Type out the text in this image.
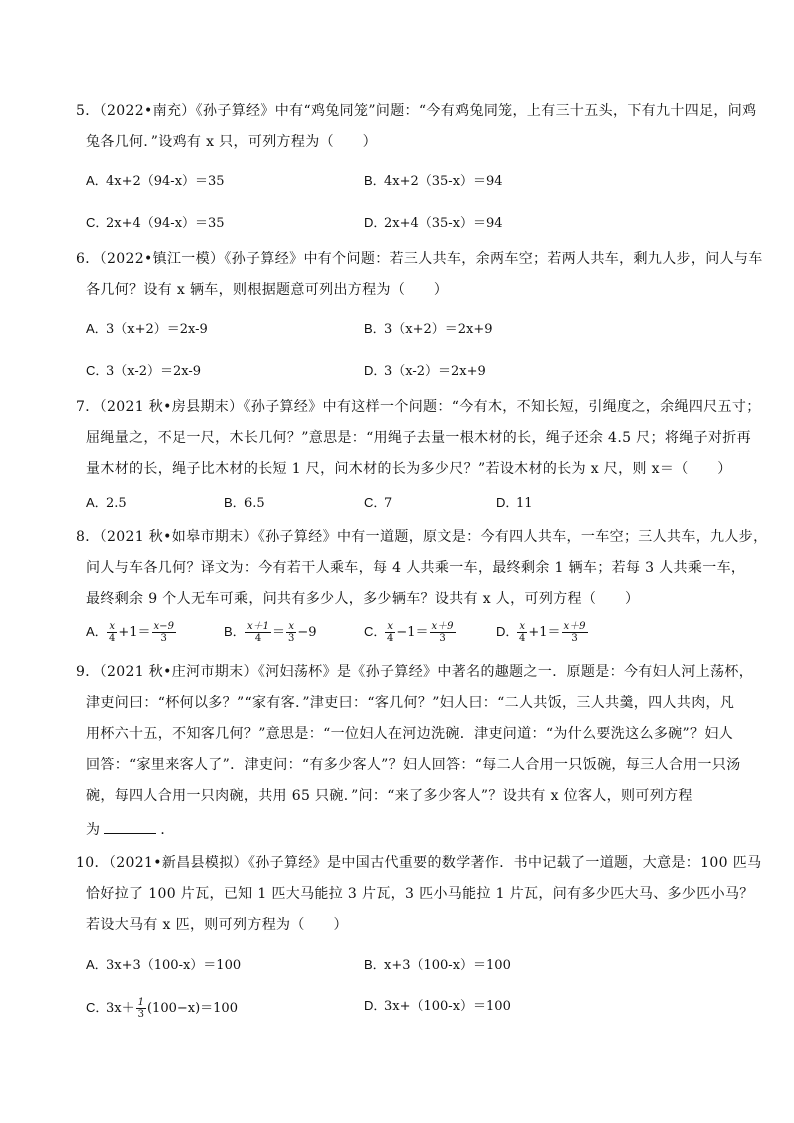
5．（2022•南充）《孙子算经》中有“鸡兔同笼”问题：“今有鸡兔同笼，上有三十五头，下有九十四足，问鸡
兔各几何．”设鸡有 x 只，可列方程为（　　）
A．4x+2（94-x）＝35	B．4x+2（35-x）＝94
C．2x+4（94-x）＝35	D．2x+4（35-x）＝94
6．（2022•镇江一模）《孙子算经》中有个问题：若三人共车，余两车空；若两人共车，剩九人步，问人与车
各几何？设有 x 辆车，则根据题意可列出方程为（　　）
A．3（x+2）＝2x-9	B．3（x+2）＝2x+9
C．3（x-2）＝2x-9	D．3（x-2）＝2x+9
7．（2021 秋•房县期末）《孙子算经》中有这样一个问题：“今有木，不知长短，引绳度之，余绳四尺五寸；
屈绳量之，不足一尺，木长几何？”意思是：“用绳子去量一根木材的长，绳子还余 4.5 尺；将绳子对折再
量木材的长，绳子比木材的长短 1 尺，问木材的长为多少尺？”若设木材的长为 x 尺，则 x＝（　　）
A．2.5	B．6.5	C．7	D．11
8．（2021 秋•如皋市期末）《孙子算经》中有一道题，原文是：今有四人共车，一车空；三人共车，九人步，
问人与车各几何？译文为：今有若干人乘车，每 4 人共乘一车，最终剩余 1 辆车；若每 3 人共乘一车，
最终剩余 9 个人无车可乘，问共有多少人，多少辆车？设共有 x 人，可列方程（　　）
A． $\frac{x}{4} +1= \frac{x-9}{3}$	B． $\frac{x+1}{4} = \frac{x}{3} -9$	C．
$\frac{x}{4} -1= \frac{x+9}{3}$	D．
$\frac{x}{4} +1= \frac{x+9}{3}$
9．（2021 秋•庄河市期末）《河妇荡杯》是《孙子算经》中著名的趣题之一．原题是：今有妇人河上荡杯，
津吏问曰：“杯何以多？”“家有客．”津吏曰：“客几何？”妇人曰：“二人共饭，三人共羹，四人共肉，凡
用杯六十五，不知客几何？”意思是：“一位妇人在河边洗碗．津吏问道：“为什么要洗这么多碗”？妇人
回答：“家里来客人了”．津吏问：“有多少客人”？妇人回答：“每二人合用一只饭碗，每三人合用一只汤
碗，每四人合用一只肉碗，共用 65 只碗．”问：“来了多少客人”？设共有 x 位客人，则可列方程
为	．
10．（2021•新昌县模拟）《孙子算经》是中国古代重要的数学著作．书中记载了一道题，大意是：100 匹马
恰好拉了 100 片瓦，已知 1 匹大马能拉 3 片瓦，3 匹小马能拉 1 片瓦，问有多少匹大马、多少匹小马？
若设大马有 x 匹，则可列方程为（　　）
A．3x+3（100-x）＝100	B．x+3（100-x）＝100
C．$3x+ \frac{1}{3} (100-x)=100$	D．3x+（100-x）＝100
